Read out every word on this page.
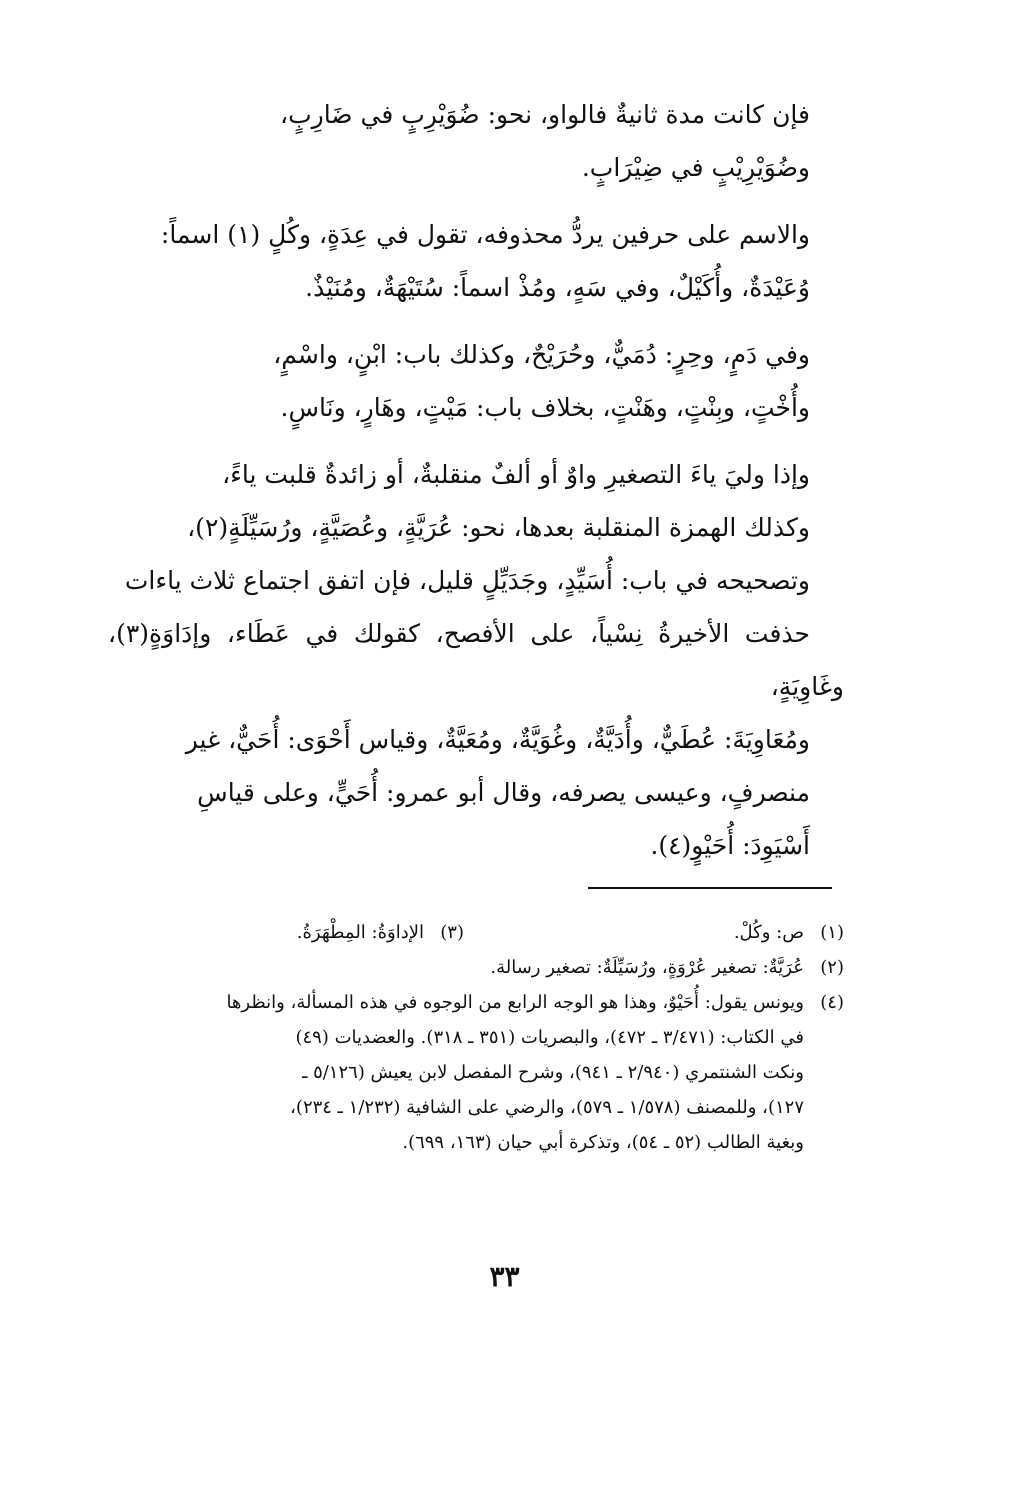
فإن كانت مدة ثانيةٌ فالواو، نحو: ضُوَيْرِبٍ في ضَارِبٍ،
وضُوَيْرِيْبٍ في ضِيْرَابٍ.

والاسم على حرفين يردُّ محذوفه، تقول في عِدَةٍ، وكُلٍ (١) اسماً:
وُعَيْدَةٌ، وأُكَيْلٌ، وفي سَهٍ، ومُذْ اسماً: سُتَيْهَةٌ، ومُنَيْذٌ.

وفي دَمٍ، وحِرٍ: دُمَيٌّ، وحُرَيْحٌ، وكذلك باب: ابْنٍ، واسْمٍ،
وأُخْتٍ، وبِنْتٍ، وهَنْتٍ، بخلاف باب: مَيْتٍ، وهَارٍ، ونَاسٍ.

وإذا وليَ ياءَ التصغيرِ واوٌ أو ألفٌ منقلبةٌ، أو زائدةٌ قلبت ياءً،
وكذلك الهمزة المنقلبة بعدها، نحو: عُرَيَّةٍ، وعُصَيَّةٍ، ورُسَيِّلَةٍ(٢)،
وتصحيحه في باب: أُسَيِّدٍ، وجَدَيِّلٍ قليل، فإن اتفق اجتماع ثلاث ياءات
حذفت الأخيرةُ نِسْياً، على الأفصح، كقولك في عَطَاء، وإدَاوَةٍ(٣)، وغَاوِيَةٍ،
ومُعَاوِيَةَ: عُطَيٌّ، وأُدَيَّةٌ، وغُوَيَّةٌ، ومُعَيَّةٌ، وقياس أَحْوَى: أُحَيٌّ، غير
منصرفٍ، وعيسى يصرفه، وقال أبو عمرو: أُحَيٍّ، وعلى قياسِ
أَسْيَوِدَ: أُحَيْوٍ(٤).

(١)
ص: وكُلْ.
(٣)
الإداوَةُ: المِطْهَرَةُ.
(٢)
عُرَيَّةٌ: تصغير عُرْوَةٍ، ورُسَيِّلَةٌ: تصغير رسالة.
(٤)
ويونس يقول: أُحَيْوٌ، وهذا هو الوجه الرابع من الوجوه في هذه المسألة، وانظرها
في الكتاب: (٣/٤٧١ ـ ٤٧٢)، والبصريات (٣٥١ ـ ٣١٨). والعضديات (٤٩)
ونكت الشنتمري (٢/٩٤٠ ـ ٩٤١)، وشرح المفصل لابن يعيش (٥/١٢٦ ـ
١٢٧)، وللمصنف (١/٥٧٨ ـ ٥٧٩)، والرضي على الشافية (١/٢٣٢ ـ ٢٣٤)،
وبغية الطالب (٥٢ ـ ٥٤)، وتذكرة أبي حيان (١٦٣، ٦٩٩).
٣٣
